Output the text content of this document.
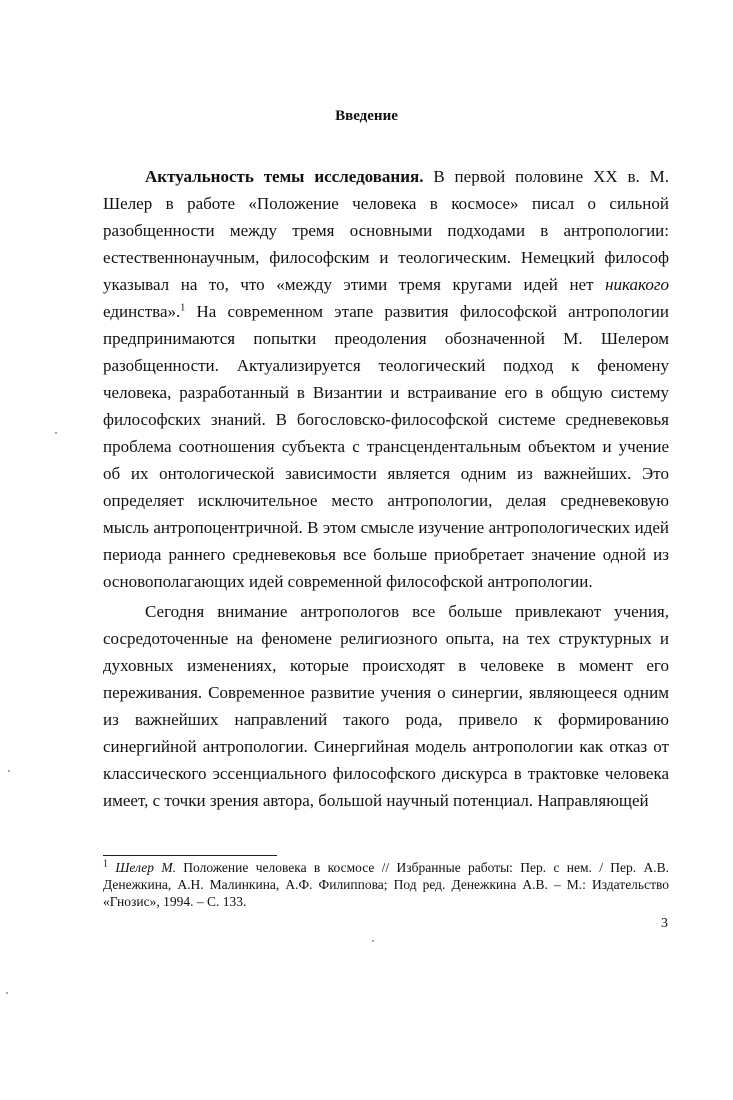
Введение

Актуальность темы исследования. В первой половине XX в. М. Шелер в работе «Положение человека в космосе» писал о сильной разобщенности между тремя основными подходами в антропологии: естественнонаучным, философским и теологическим. Немецкий философ указывал на то, что «между этими тремя кругами идей нет никакого единства».$^1$ На современном этапе развития философской антропологии предпринимаются попытки преодоления обозначенной М. Шелером разобщенности. Актуализируется теологический подход к феномену человека, разработанный в Византии и встраивание его в общую систему философских знаний. В богословско-философской системе средневековья проблема соотношения субъекта с трансцендентальным объектом и учение об их онтологической зависимости является одним из важнейших. Это определяет исключительное место антропологии, делая средневековую мысль антропоцентричной. В этом смысле изучение антропологических идей периода раннего средневековья все больше приобретает значение одной из основополагающих идей современной философской антропологии.

Сегодня внимание антропологов все больше привлекают учения, сосредоточенные на феномене религиозного опыта, на тех структурных и духовных изменениях, которые происходят в человеке в момент его переживания. Современное развитие учения о синергии, являющееся одним из важнейших направлений такого рода, привело к формированию синергийной антропологии. Синергийная модель антропологии как отказ от классического эссенциального философского дискурса в трактовке человека имеет, с точки зрения автора, большой научный потенциал. Направляющей

$^1$ Шелер М. Положение человека в космосе // Избранные работы: Пер. с нем. / Пер. А.В. Денежкина, А.Н. Малинкина, А.Ф. Филиппова; Под ред. Денежкина А.В. – М.: Издательство «Гнозис», 1994. – С. 133.
3
